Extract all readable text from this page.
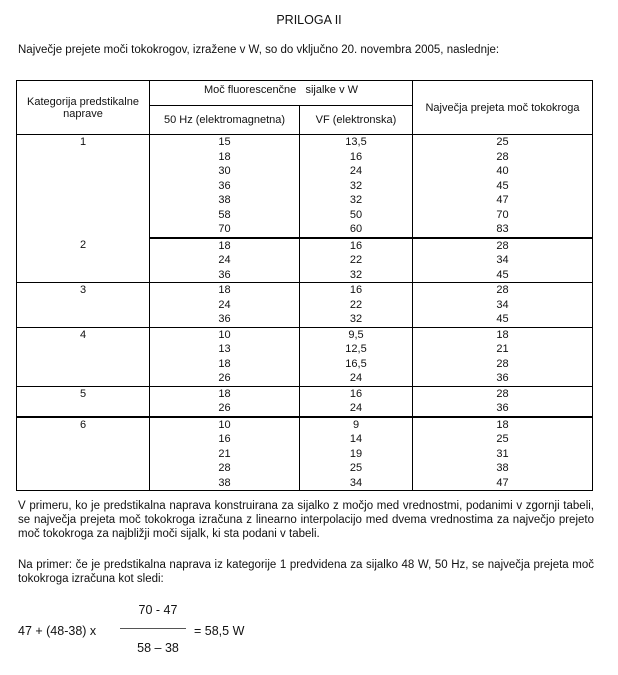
PRILOGA II
Največje prejete moči tokokrogov, izražene v W, so do vključno 20. novembra 2005, naslednje:
Kategorija predstikalne naprave	Moč fluorescenčne   sijalke v W		Največja prejeta moč tokokroga
	50 Hz (elektromagnetna)	VF (elektronska)	
1	15	13,5	25
	18	16	28
	30	24	40
	36	32	45
	38	32	47
	58	50	70
	70	60	83
2	18	16	28
	24	22	34
	36	32	45
3	18	16	28
	24	22	34
	36	32	45
4	10	9,5	18
	13	12,5	21
	18	16,5	28
	26	24	36
5	18	16	28
	26	24	36
6	10	9	18
	16	14	25
	21	19	31
	28	25	38
	38	34	47

V primeru, ko je predstikalna naprava konstruirana za sijalko z močjo med vrednostmi, podanimi v zgornji tabeli, se največja prejeta moč tokokroga izračuna z linearno interpolacijo med dvema vrednostima za največjo prejeto moč tokokroga za najbližji moči sijalk, ki sta podani v tabeli.

Na primer: če je predstikalna naprava iz kategorije 1 predvidena za sijalko 48 W, 50 Hz, se največja prejeta moč tokokroga izračuna kot sledi:

47 + (48-38) x
70 - 47
58 – 38
= 58,5 W
